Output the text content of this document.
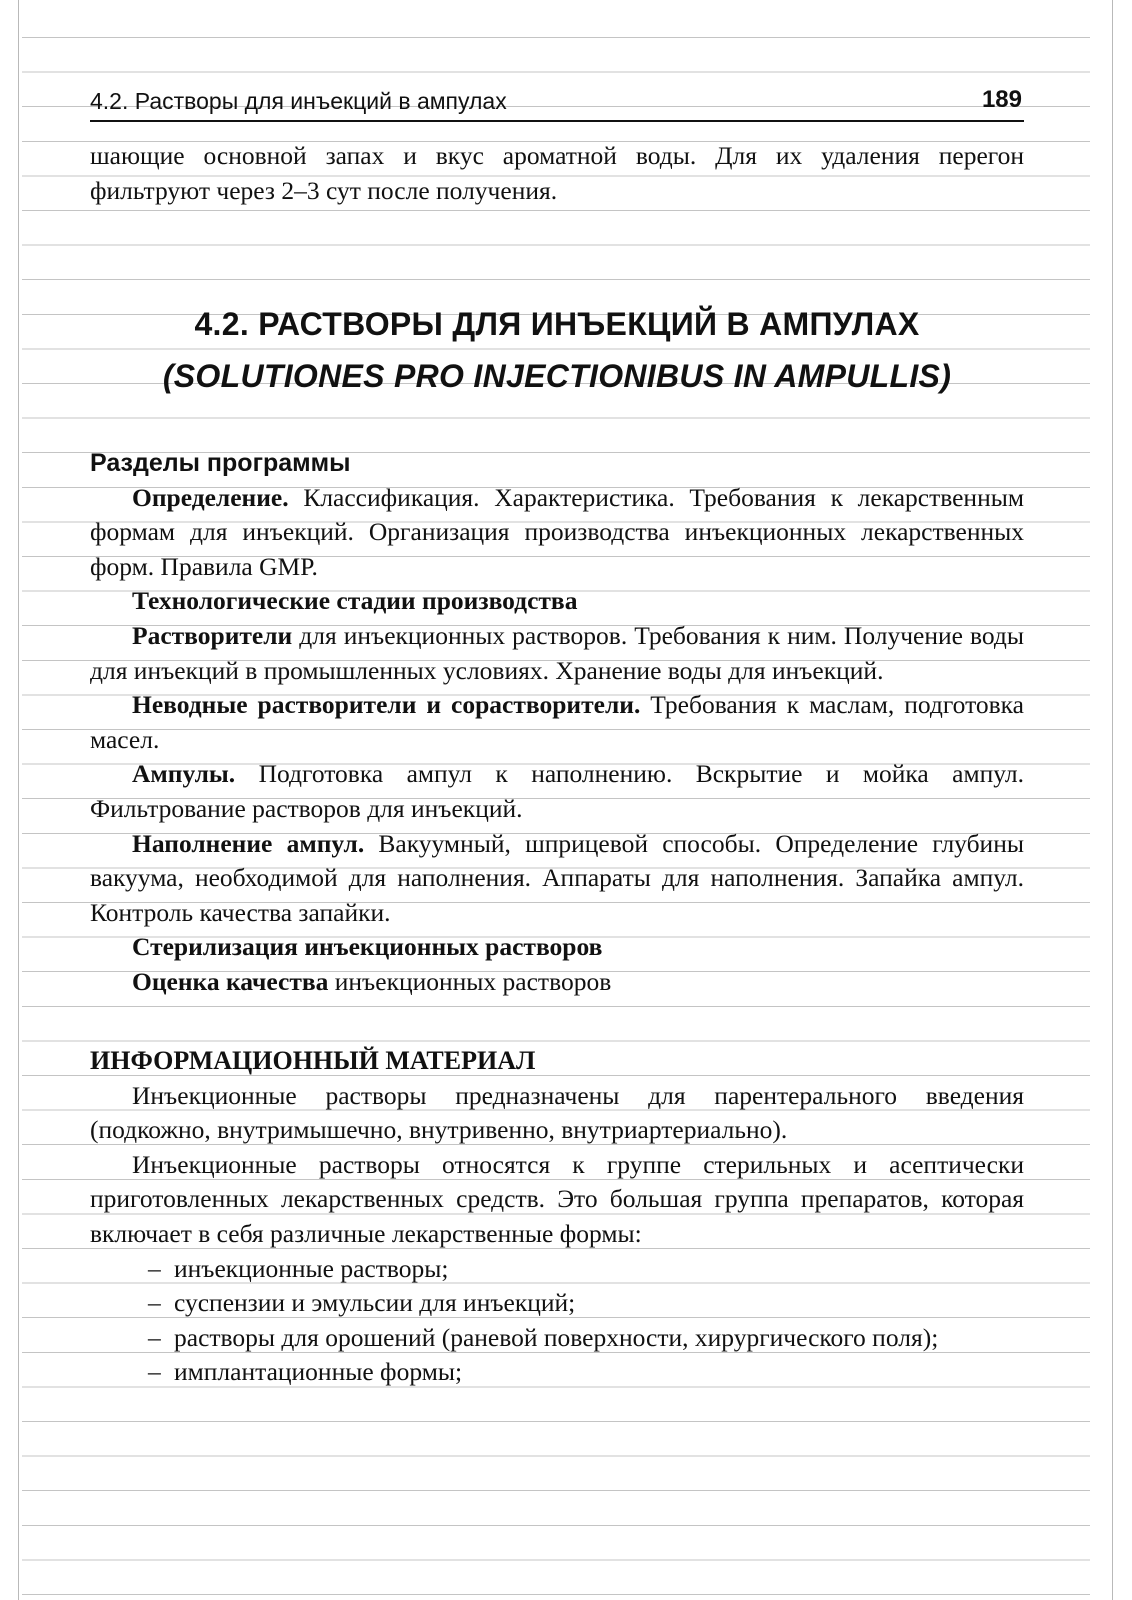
4.2. Растворы для инъекций в ампулах	189

шающие основной запах и вкус ароматной воды. Для их удаления перегон фильтруют через 2–3 сут после получения.

4.2. РАСТВОРЫ ДЛЯ ИНЪЕКЦИЙ В АМПУЛАХ
(SOLUTIONES PRO INJECTIONIBUS IN AMPULLIS)
Разделы программы

Определение. Классификация. Характеристика. Требования к лекарственным формам для инъекций. Организация производства инъекционных лекарственных форм. Правила GMP.

Технологические стадии производства

Растворители для инъекционных растворов. Требования к ним. Получение воды для инъекций в промышленных условиях. Хранение воды для инъекций.

Неводные растворители и сорастворители. Требования к маслам, подготовка масел.

Ампулы. Подготовка ампул к наполнению. Вскрытие и мойка ампул. Фильтрование растворов для инъекций.

Наполнение ампул. Вакуумный, шприцевой способы. Определение глубины вакуума, необходимой для наполнения. Аппараты для наполнения. Запайка ампул. Контроль качества запайки.

Стерилизация инъекционных растворов

Оценка качества инъекционных растворов

ИНФОРМАЦИОННЫЙ МАТЕРИАЛ

Инъекционные растворы предназначены для парентерального введения (подкожно, внутримышечно, внутривенно, внутриартериально).

Инъекционные растворы относятся к группе стерильных и асептически приготовленных лекарственных средств. Это большая группа препаратов, которая включает в себя различные лекарственные формы:

– инъекционные растворы;
– суспензии и эмульсии для инъекций;
– растворы для орошений (раневой поверхности, хирургического поля);
– имплантационные формы;
